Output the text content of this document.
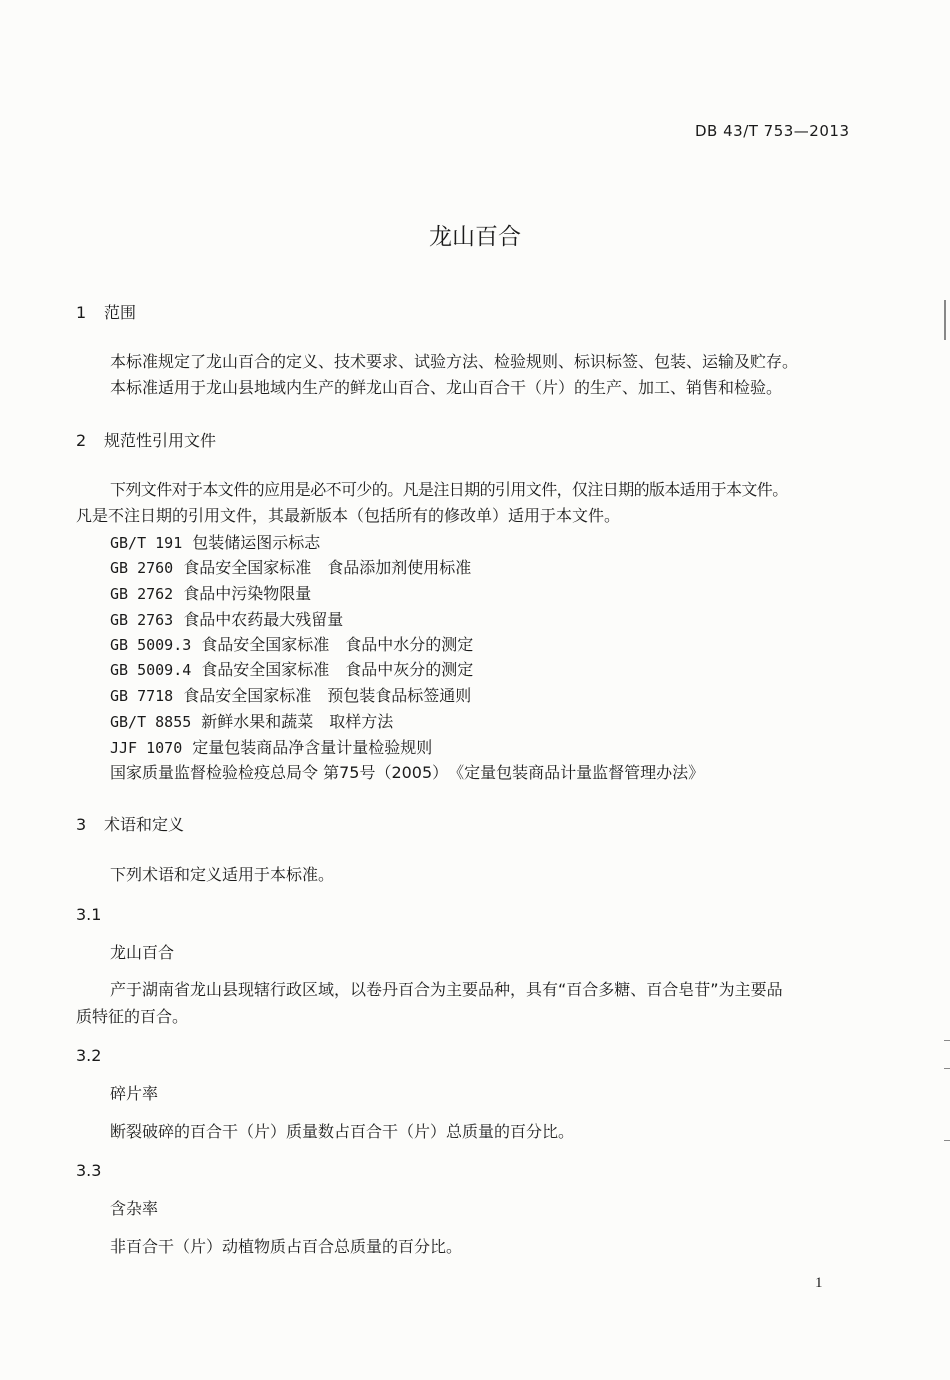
DB 43/T 753—2013
龙山百合
1 范围
本标准规定了龙山百合的定义、技术要求、试验方法、检验规则、标识标签、包装、运输及贮存。
本标准适用于龙山县地域内生产的鲜龙山百合、龙山百合干（片）的生产、加工、销售和检验。
2 规范性引用文件
下列文件对于本文件的应用是必不可少的。凡是注日期的引用文件，仅注日期的版本适用于本文件。
凡是不注日期的引用文件，其最新版本（包括所有的修改单）适用于本文件。
GB/T 191 包装储运图示标志
GB 2760 食品安全国家标准　食品添加剂使用标准
GB 2762 食品中污染物限量
GB 2763 食品中农药最大残留量
GB 5009.3 食品安全国家标准　食品中水分的测定
GB 5009.4 食品安全国家标准　食品中灰分的测定
GB 7718 食品安全国家标准　预包装食品标签通则
GB/T 8855 新鲜水果和蔬菜　取样方法
JJF 1070 定量包装商品净含量计量检验规则
国家质量监督检验检疫总局令 第75号（2005）　《定量包装商品计量监督管理办法》
3 术语和定义
下列术语和定义适用于本标准。
3.1
龙山百合
产于湖南省龙山县现辖行政区域，以卷丹百合为主要品种，具有“百合多糖、百合皂苷”为主要品
质特征的百合。
3.2
碎片率
断裂破碎的百合干（片）质量数占百合干（片）总质量的百分比。
3.3
含杂率
非百合干（片）动植物质占百合总质量的百分比。
1
